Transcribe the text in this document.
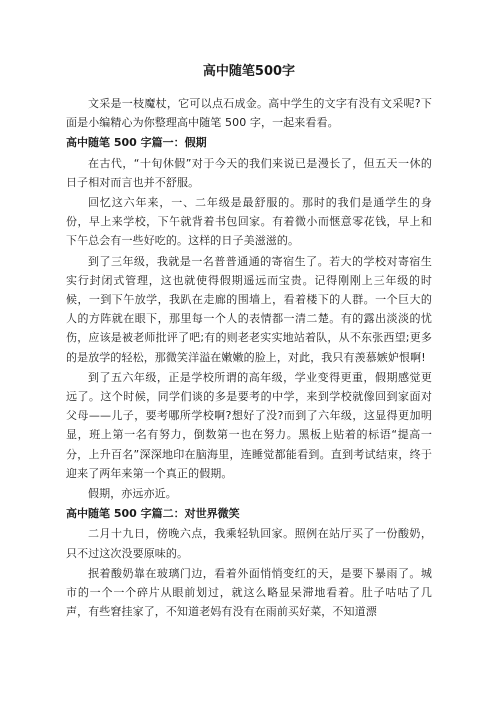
高中随笔500字
文采是一枝魔杖，它可以点石成金。高中学生的文字有没有文采呢?下面是小编精心为你整理高中随笔 500 字，一起来看看。
高中随笔 500 字篇一：假期
在古代，“十旬休假”对于今天的我们来说已是漫长了，但五天一休的日子相对而言也并不舒服。
回忆这六年来，一、二年级是最舒服的。那时的我们是通学生的身份，早上来学校，下午就背着书包回家。有着微小而惬意零花钱，早上和下午总会有一些好吃的。这样的日子美滋滋的。
到了三年级，我就是一名普普通通的寄宿生了。若大的学校对寄宿生实行封闭式管理，这也就使得假期遥远而宝贵。记得刚刚上三年级的时候，一到下午放学，我趴在走廊的围墙上，看着楼下的人群。一个巨大的人的方阵就在眼下，那里每一个人的表情都一清二楚。有的露出淡淡的忧伤，应该是被老师批评了吧;有的则老老实实地站着队，从不东张西望;更多的是放学的轻松，那微笑洋溢在嫩嫩的脸上，对此，我只有羡慕嫉妒恨啊!
到了五六年级，正是学校所谓的高年级，学业变得更重，假期感觉更远了。这个时候，同学们谈的多是要考的中学，来到学校就像回到家面对父母——儿子，要考哪所学校啊?想好了没?而到了六年级，这显得更加明显，班上第一名有努力，倒数第一也在努力。黑板上贴着的标语“提高一分，上升百名”深深地印在脑海里，连睡觉都能看到。直到考试结束，终于迎来了两年来第一个真正的假期。
假期，亦远亦近。
高中随笔 500 字篇二：对世界微笑
二月十九日，傍晚六点，我乘轻轨回家。照例在站厅买了一份酸奶，只不过这次没要原味的。
抿着酸奶靠在玻璃门边，看着外面悄悄变红的天，是要下暴雨了。城市的一个一个碎片从眼前划过，就这么略显呆滞地看着。肚子咕咕了几声，有些窘挂家了，不知道老妈有没有在雨前买好菜，不知道漂
